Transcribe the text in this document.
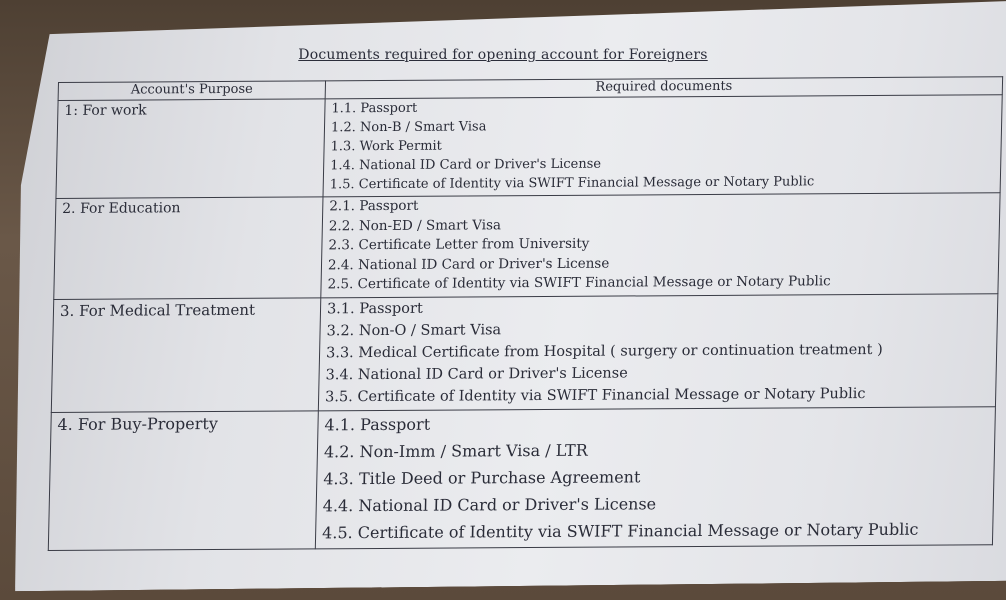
Documents required for opening account for Foreigners
Account's Purpose	Required documents
1: For work	1.1. Passport
1.2. Non-B / Smart Visa
1.3. Work Permit
1.4. National ID Card or Driver's License
1.5. Certificate of Identity via SWIFT Financial Message or Notary Public

2. For Education	2.1. Passport
2.2. Non-ED / Smart Visa
2.3. Certificate Letter from University
2.4. National ID Card or Driver's License
2.5. Certificate of Identity via SWIFT Financial Message or Notary Public

3. For Medical Treatment	3.1. Passport
3.2. Non-O / Smart Visa
3.3. Medical Certificate from Hospital ( surgery or continuation treatment )
3.4. National ID Card or Driver's License
3.5. Certificate of Identity via SWIFT Financial Message or Notary Public

4. For Buy-Property	4.1. Passport
4.2. Non-Imm / Smart Visa / LTR
4.3. Title Deed or Purchase Agreement
4.4. National ID Card or Driver's License
4.5. Certificate of Identity via SWIFT Financial Message or Notary Public
